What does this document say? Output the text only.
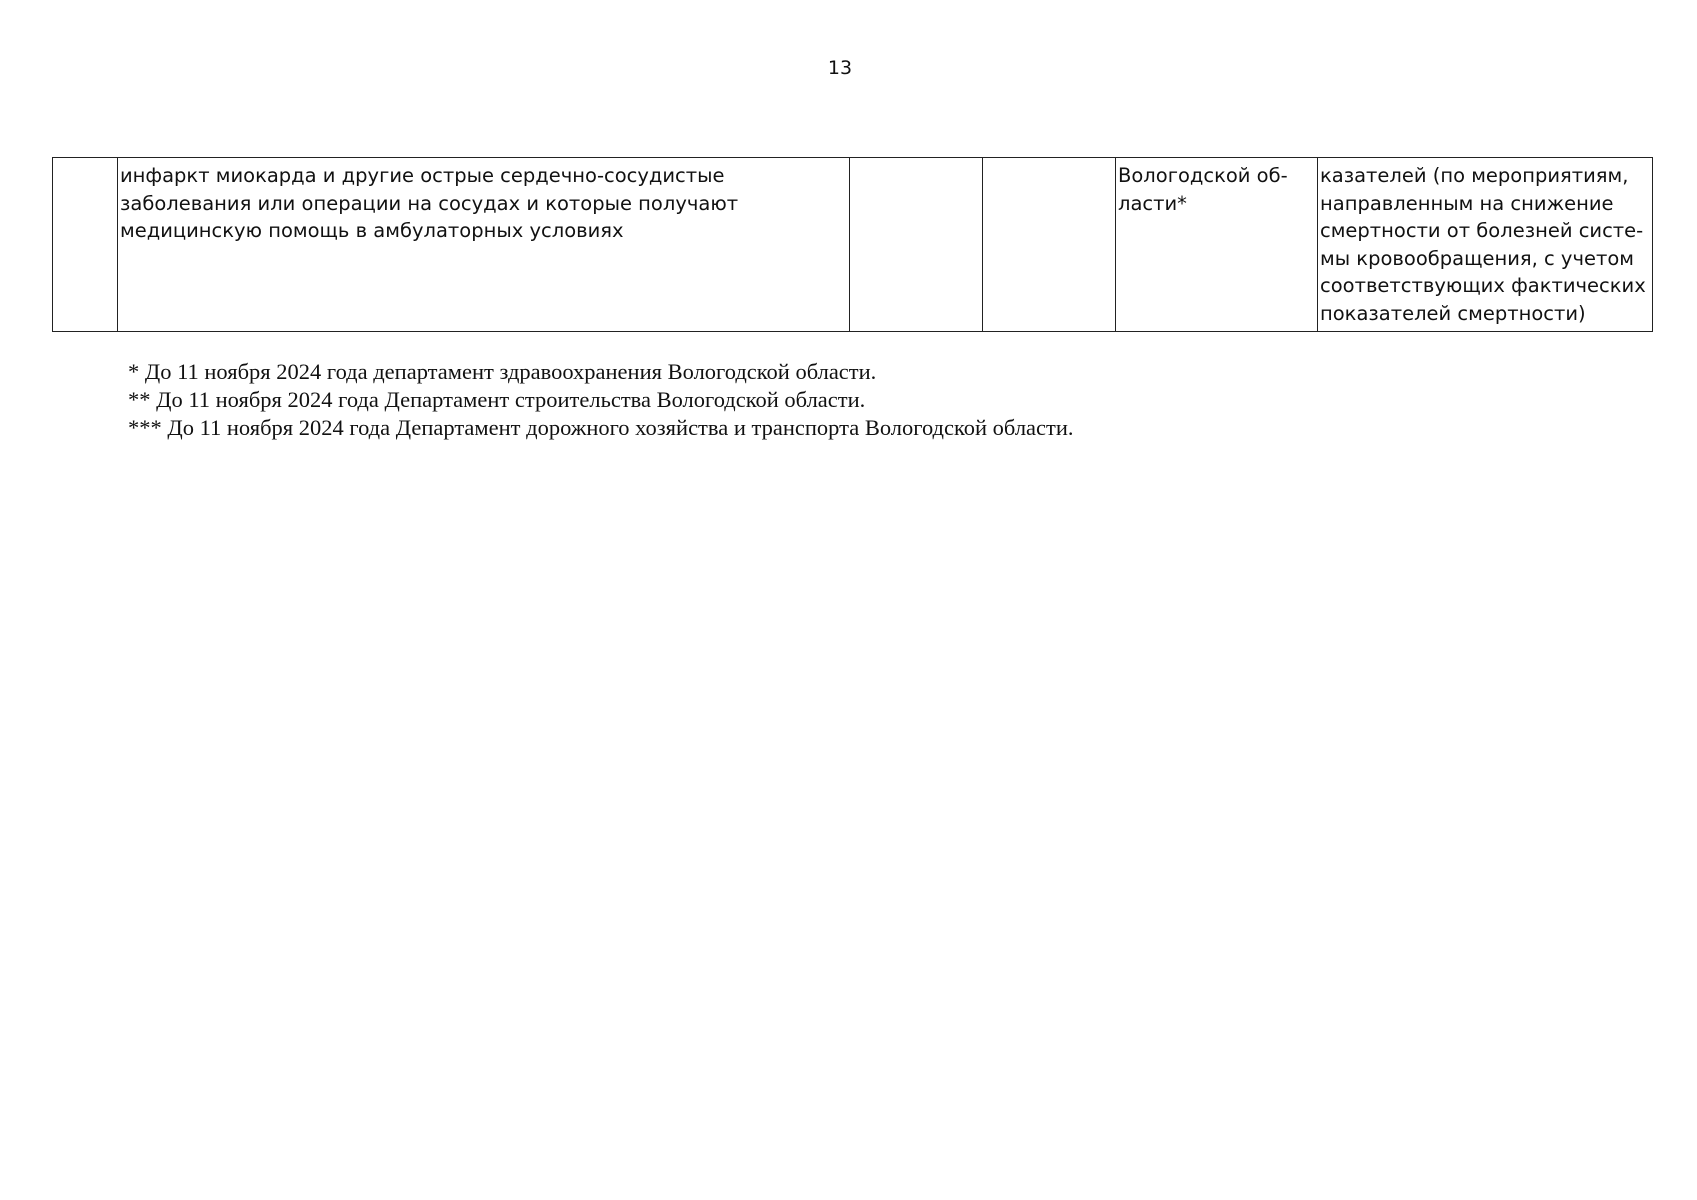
13
	инфаркт миокарда и другие острые сердечно-сосудистые заболевания или операции на сосудах и которые получают медицинскую помощь в амбулаторных условиях			Вологодской об-ласти*	казателей (по мероприятиям, направленным на снижение смертности от болезней систе-мы кровообращения, с учетом соответствующих фактических показателей смертности)

* До 11 ноября 2024 года департамент здравоохранения Вологодской области.

** До 11 ноября 2024 года Департамент строительства Вологодской области.

*** До 11 ноября 2024 года Департамент дорожного хозяйства и транспорта Вологодской области.
